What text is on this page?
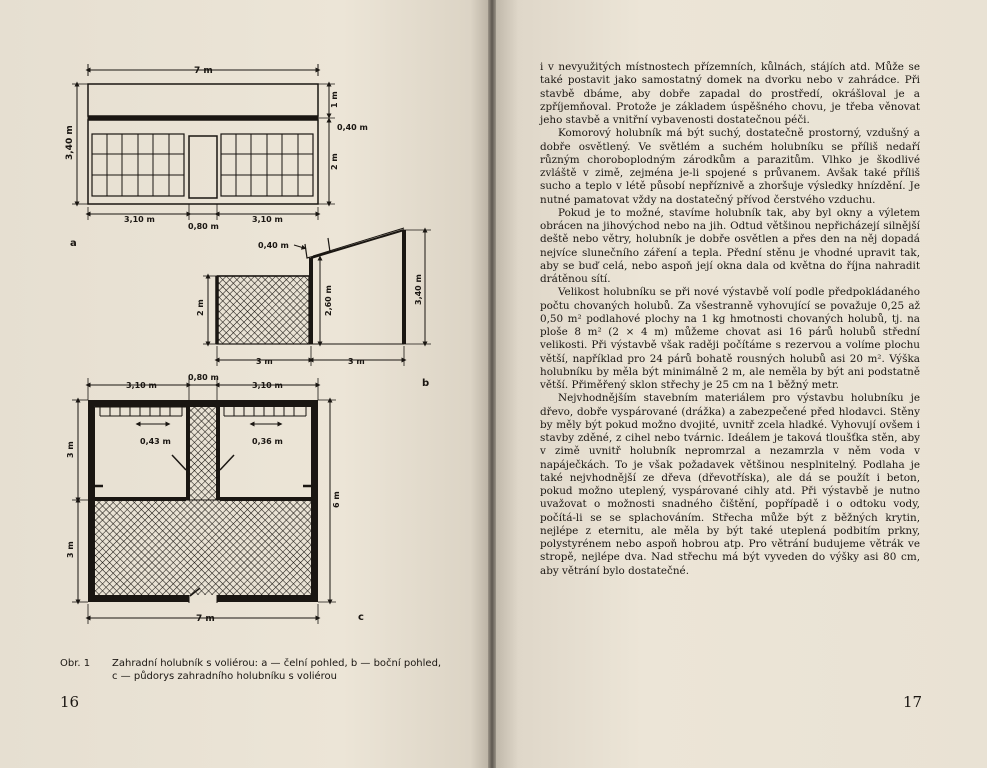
7 m
3,40 m
1 m
0,40 m
2 m
3,10 m
0,80 m
3,10 m
a	0,40 m
2 m	2,60 m	3,40 m
3 m	3 m
b
3,10 m
0,80 m
3,10 m
0,43 m	0,36 m
3 m
3 m
6 m
7 m	c
Obr. 1 Zahradní holubník s voliérou: a — čelní pohled, b — boční pohled, c — půdorys zahradního holubníku s voliérou
16

i v nevyužitých místnostech přízemních, kůlnách, stájích atd. Může se také postavit jako samostatný domek na dvorku nebo v zahrádce. Při stavbě dbáme, aby dobře zapadal do prostředí, okrášloval je a zpříjemňoval. Protože je základem úspěšného chovu, je třeba věnovat jeho stavbě a vnitřní vybavenosti dostatečnou péči.

Komorový holubník má být suchý, dostatečně prostorný, vzdušný a dobře osvětlený. Ve světlém a suchém holubníku se příliš nedaří různým choroboplodným zárodkům a parazitům. Vlhko je škodlivé zvláště v zimě, zejména je-li spojené s průvanem. Avšak také příliš sucho a teplo v létě působí nepříznivě a zhoršuje výsledky hnízdění. Je nutné pamatovat vždy na dostatečný přívod čerstvého vzduchu.

Pokud je to možné, stavíme holubník tak, aby byl okny a výletem obrácen na jihovýchod nebo na jih. Odtud většinou nepřicházejí silnější deště nebo větry, holubník je dobře osvětlen a přes den na něj dopadá nejvíce slunečního záření a tepla. Přední stěnu je vhodné upravit tak, aby se buď celá, nebo aspoň její okna dala od května do října nahradit drátěnou sítí.

Velikost holubníku se při nové výstavbě volí podle předpokládaného počtu chovaných holubů. Za všestranně vyhovující se považuje 0,25 až 0,50 m² podlahové plochy na 1 kg hmotnosti chovaných holubů, tj. na ploše 8 m² (2 × 4 m) můžeme chovat asi 16 párů holubů střední velikosti. Při výstavbě však raději počítáme s rezervou a volíme plochu větší, například pro 24 párů bohatě rousných holubů asi 20 m². Výška holubníku by měla být minimálně 2 m, ale neměla by být ani podstatně větší. Přiměřený sklon střechy je 25 cm na 1 běžný metr.

Nejvhodnějším stavebním materiálem pro výstavbu holubníku je dřevo, dobře vyspárované (drážka) a zabezpečené před hlodavci. Stěny by měly být pokud možno dvojité, uvnitř zcela hladké. Vyhovují ovšem i stavby zděné, z cihel nebo tvárnic. Ideálem je taková tloušťka stěn, aby v zimě uvnitř holubník nepromrzal a nezamrzla v něm voda v napáječkách. To je však požadavek většinou nesplnitelný. Podlaha je také nejvhodnější ze dřeva (dřevotříska), ale dá se použít i beton, pokud možno uteplený, vyspárované cihly atd. Při výstavbě je nutno uvažovat o možnosti snadného čištění, popřípadě i o odtoku vody, počítá-li se se splachováním. Střecha může být z běžných krytin, nejlépe z eternitu, ale měla by být také uteplená podbitím prkny, polystyrénem nebo aspoň hobrou atp. Pro větrání budujeme větrák ve stropě, nejlépe dva. Nad střechu má být vyveden do výšky asi 80 cm, aby větrání bylo dostatečné.

17
